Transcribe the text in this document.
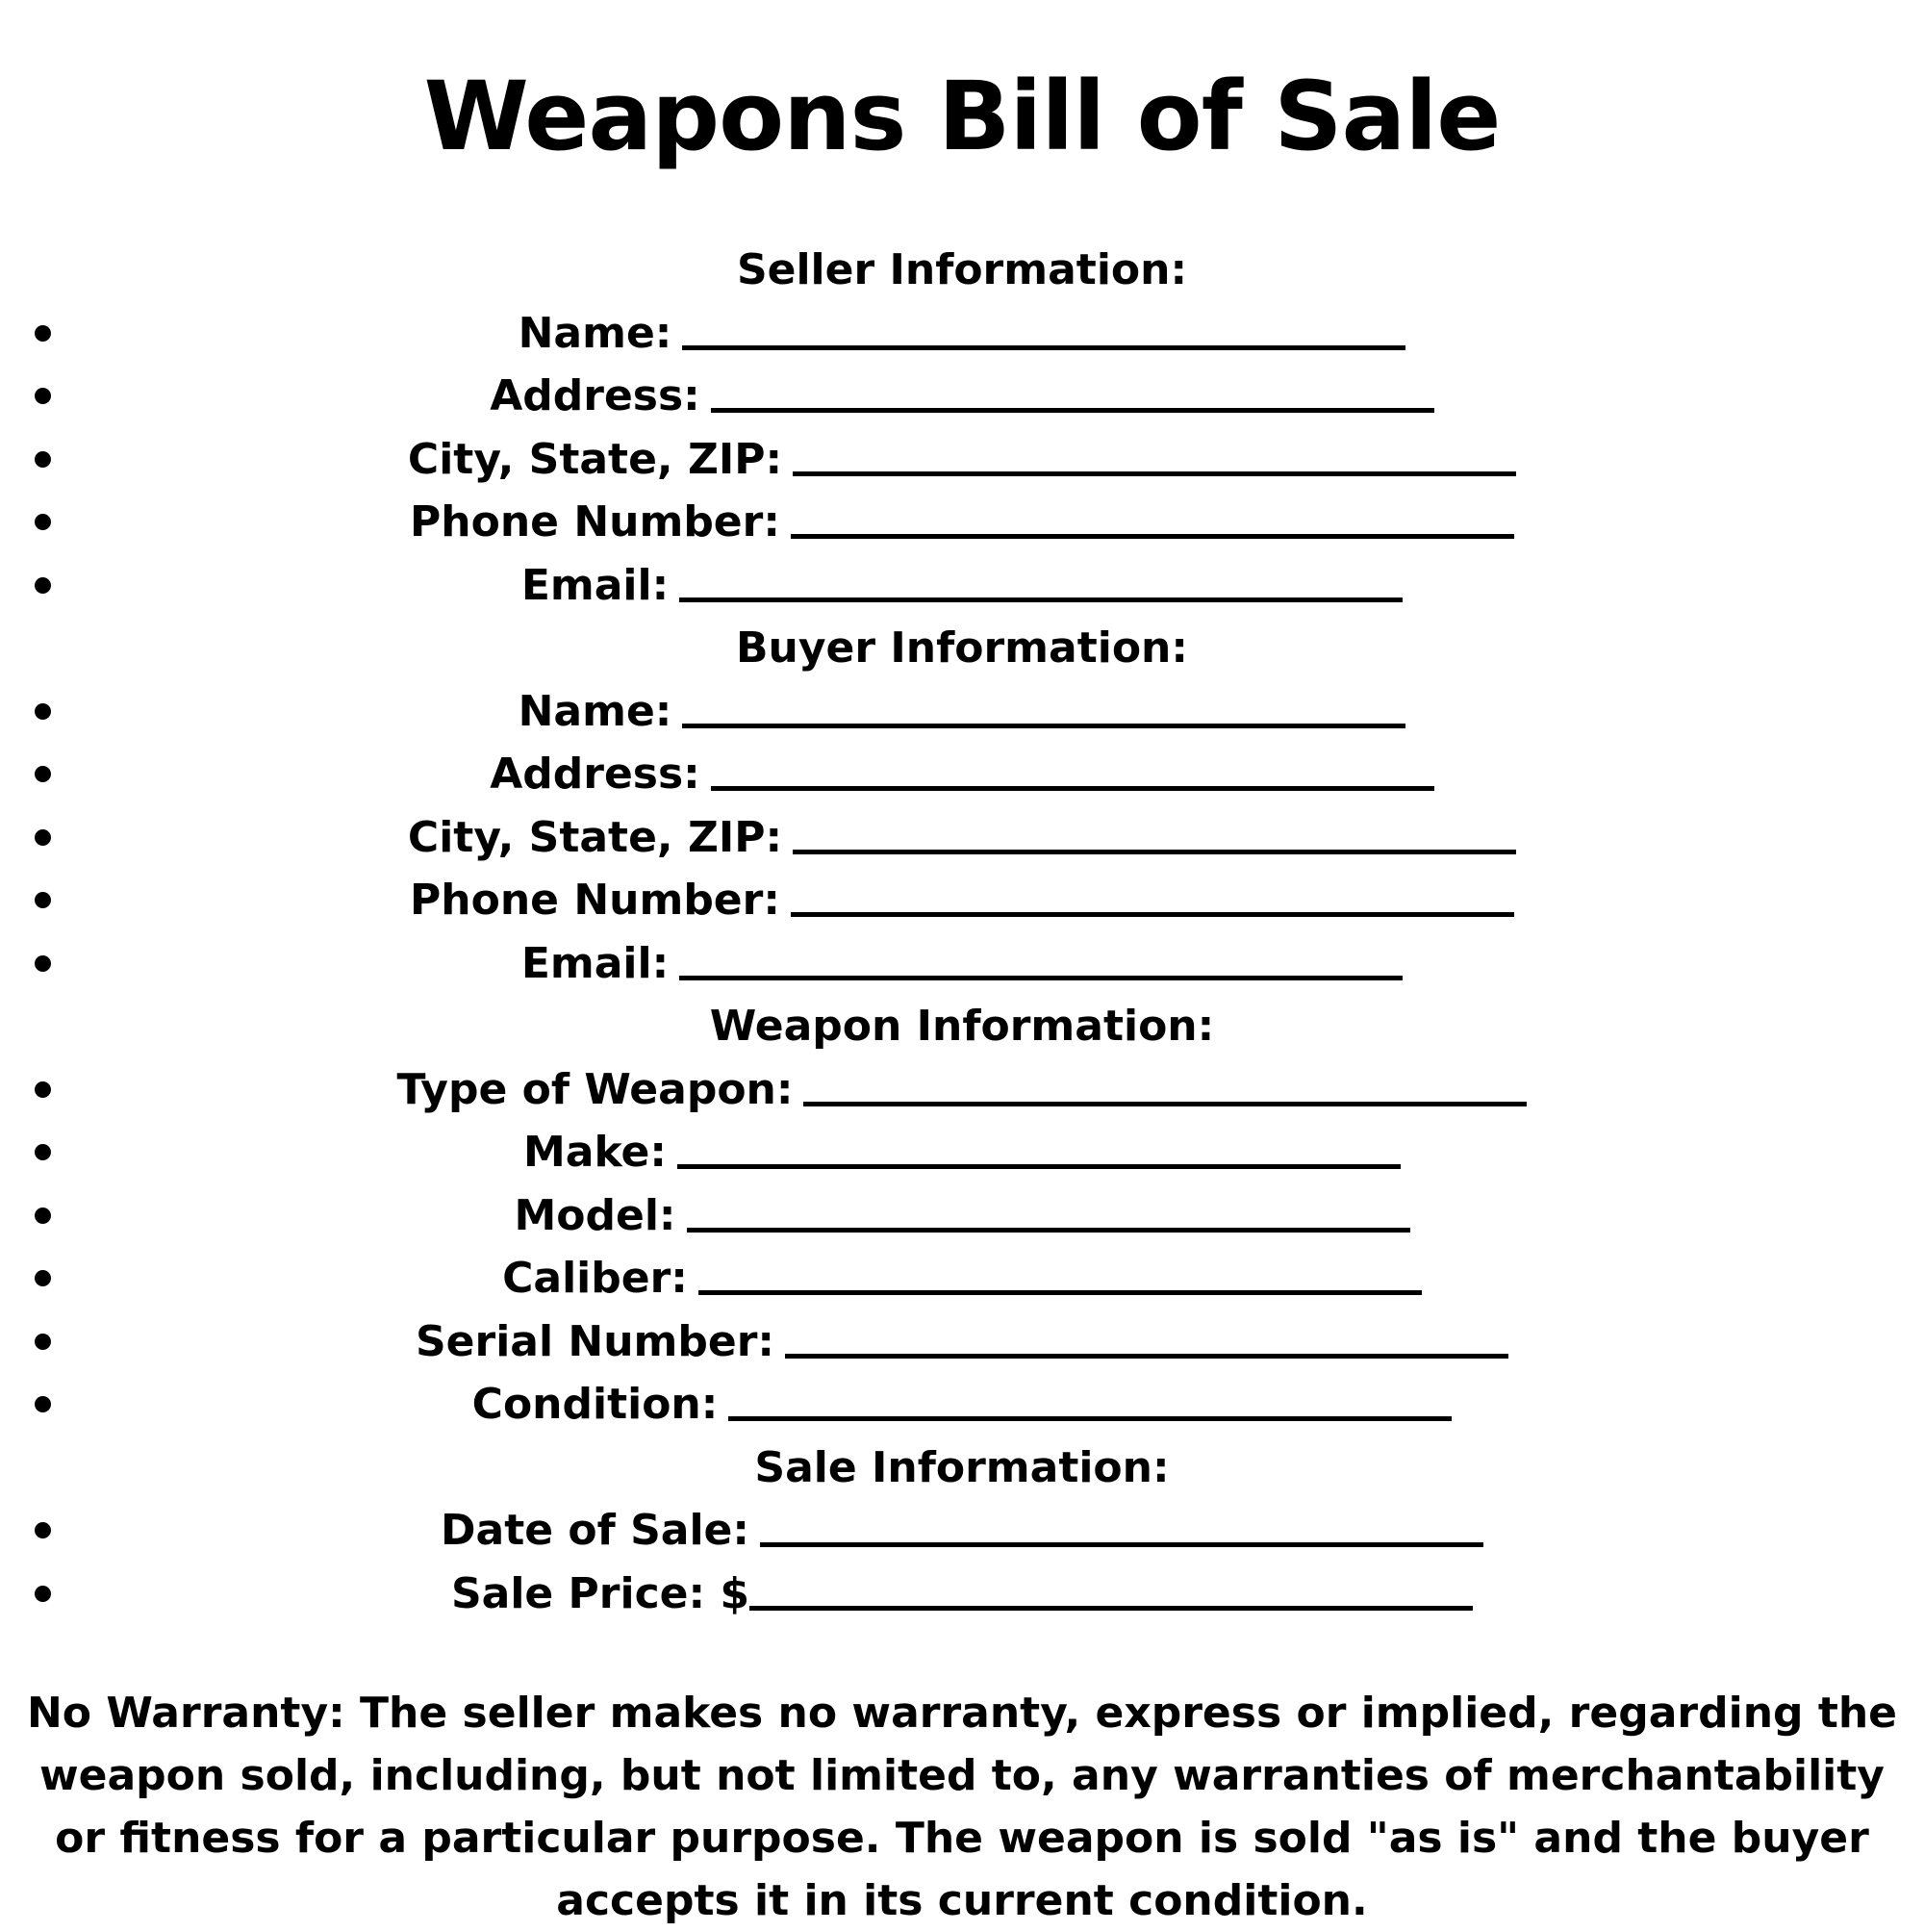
Weapons Bill of Sale
Seller Information:
Name:
Address:
City, State, ZIP:
Phone Number:
Email:
Buyer Information:
Name:
Address:
City, State, ZIP:
Phone Number:
Email:
Weapon Information:
Type of Weapon:
Make:
Model:
Caliber:
Serial Number:
Condition:
Sale Information:
Date of Sale:
Sale Price: $
No Warranty: The seller makes no warranty, express or implied, regarding the weapon sold, including, but not limited to, any warranties of merchantability or fitness for a particular purpose. The weapon is sold "as is" and the buyer accepts it in its current condition.
